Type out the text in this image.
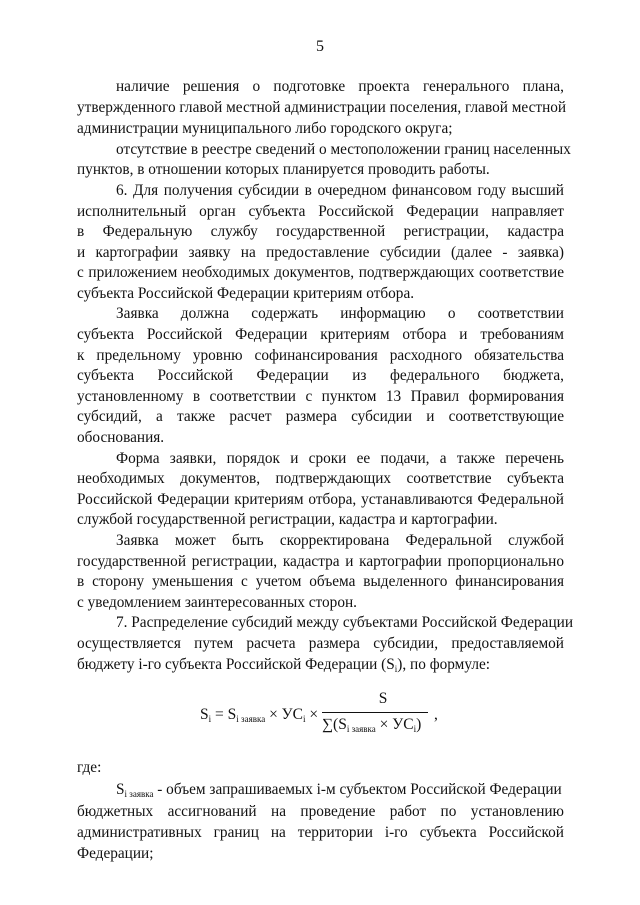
5
наличие решения о подготовке проекта генерального плана,
утвержденного главой местной администрации поселения, главой местной
администрации муниципального либо городского округа;
отсутствие в реестре сведений о местоположении границ населенных
пунктов, в отношении которых планируется проводить работы.
6. Для получения субсидии в очередном финансовом году высший
исполнительный орган субъекта Российской Федерации направляет
в Федеральную службу государственной регистрации, кадастра
и картографии заявку на предоставление субсидии (далее - заявка)
с приложением необходимых документов, подтверждающих соответствие
субъекта Российской Федерации критериям отбора.
Заявка должна содержать информацию о соответствии
субъекта Российской Федерации критериям отбора и требованиям
к предельному уровню софинансирования расходного обязательства
субъекта Российской Федерации из федерального бюджета,
установленному в соответствии с пунктом 13 Правил формирования
субсидий, а также расчет размера субсидии и соответствующие
обоснования.
Форма заявки, порядок и сроки ее подачи, а также перечень
необходимых документов, подтверждающих соответствие субъекта
Российской Федерации критериям отбора, устанавливаются Федеральной
службой государственной регистрации, кадастра и картографии.
Заявка может быть скорректирована Федеральной службой
государственной регистрации, кадастра и картографии пропорционально
в сторону уменьшения с учетом объема выделенного финансирования
с уведомлением заинтересованных сторон.
7. Распределение субсидий между субъектами Российской Федерации
осуществляется путем расчета размера субсидии, предоставляемой
бюджету i-го субъекта Российской Федерации $(S_i)$, по формуле:
$S_i = S_{i заявка} \times УС_i$ ×
S
$\sum(S_{i заявка} \times УС_i)$
,
где:
$S_{i заявка}$ - объем запрашиваемых i-м субъектом Российской Федерации
бюджетных ассигнований на проведение работ по установлению
административных границ на территории i-го субъекта Российской
Федерации;
